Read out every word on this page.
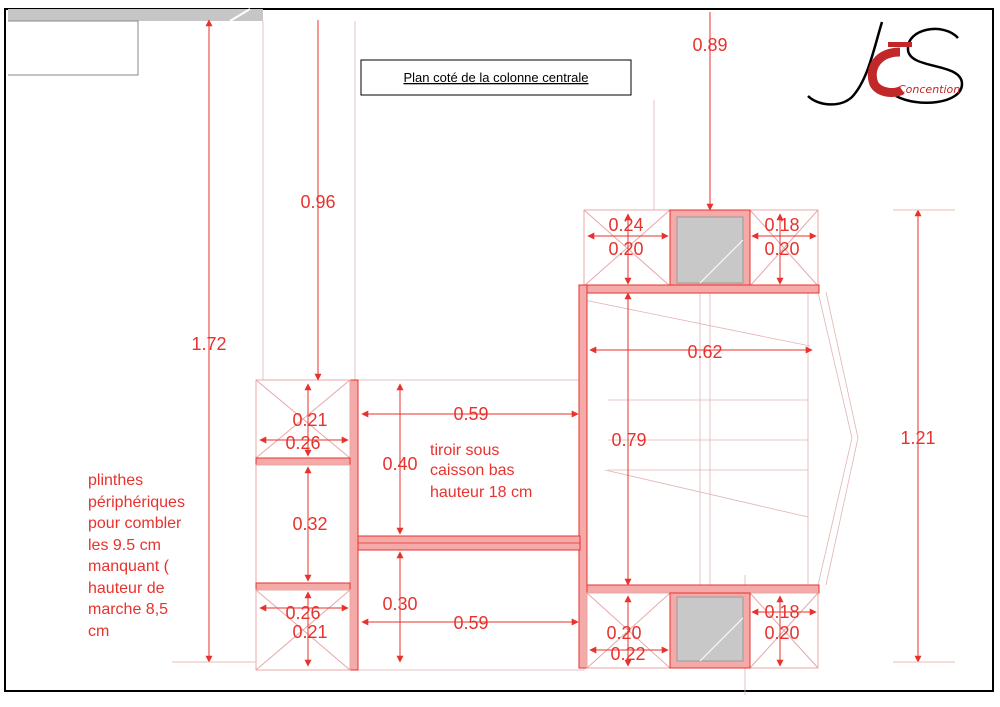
Plan coté de la colonne centrale
Concention
0.89
0.96
1.72
1.21
0.24
0.20
0.18
0.20
0.62
0.79
0.59
0.40
0.30
0.59
0.21
0.26
0.32
0.26
0.21	0.20
0.22
0.18
0.20
tiroir sous
caisson bas
hauteur 18 cm
plinthes
périphériques
pour combler
les 9.5 cm
manquant (
hauteur de
marche 8,5
cm
